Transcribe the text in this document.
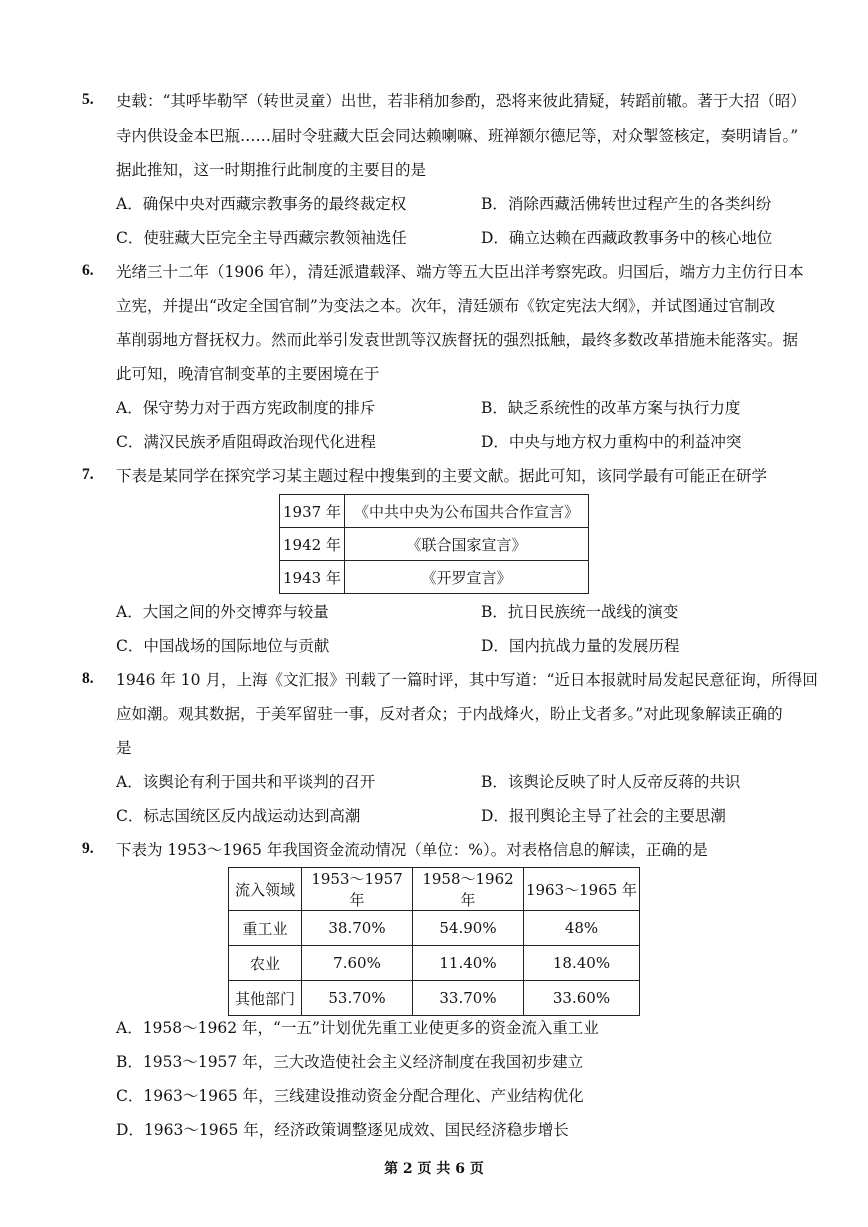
5. 史载：“其呼毕勒罕（转世灵童）出世，若非稍加参酌，恐将来彼此猜疑，转蹈前辙。著于大招（昭）
寺内供设金本巴瓶……届时令驻藏大臣会同达赖喇嘛、班禅额尔德尼等，对众掣签核定，奏明请旨。”
据此推知，这一时期推行此制度的主要目的是
A．确保中央对西藏宗教事务的最终裁定权	B．消除西藏活佛转世过程产生的各类纠纷
C．使驻藏大臣完全主导西藏宗教领袖选任	D．确立达赖在西藏政教事务中的核心地位
6. 光绪三十二年（1906 年），清廷派遣载泽、端方等五大臣出洋考察宪政。归国后，端方力主仿行日本
立宪，并提出“改定全国官制”为变法之本。次年，清廷颁布《钦定宪法大纲》，并试图通过官制改
革削弱地方督抚权力。然而此举引发袁世凯等汉族督抚的强烈抵触，最终多数改革措施未能落实。据
此可知，晚清官制变革的主要困境在于
A．保守势力对于西方宪政制度的排斥	B．缺乏系统性的改革方案与执行力度
C．满汉民族矛盾阻碍政治现代化进程	D．中央与地方权力重构中的利益冲突
7. 下表是某同学在探究学习某主题过程中搜集到的主要文献。据此可知，该同学最有可能正在研学
1937 年	《中共中央为公布国共合作宣言》
1942 年	《联合国家宣言》
1943 年	《开罗宣言》
A．大国之间的外交博弈与较量	B．抗日民族统一战线的演变
C．中国战场的国际地位与贡献	D．国内抗战力量的发展历程
8. 1946 年 10 月，上海《文汇报》刊载了一篇时评，其中写道：“近日本报就时局发起民意征询，所得回
应如潮。观其数据，于美军留驻一事，反对者众；于内战烽火，盼止戈者多。”对此现象解读正确的
是
A．该舆论有利于国共和平谈判的召开	B．该舆论反映了时人反帝反蒋的共识
C．标志国统区反内战运动达到高潮	D．报刊舆论主导了社会的主要思潮
9. 下表为 1953～1965 年我国资金流动情况（单位：%）。对表格信息的解读，正确的是
流入领域	1953～1957 年	1958～1962 年	1963～1965 年
重工业	38.70%	54.90%	48%
农业	7.60%	11.40%	18.40%
其他部门	53.70%	33.70%	33.60%
A．1958～1962 年，“一五”计划优先重工业使更多的资金流入重工业
B．1953～1957 年，三大改造使社会主义经济制度在我国初步建立
C．1963～1965 年，三线建设推动资金分配合理化、产业结构优化
D．1963～1965 年，经济政策调整逐见成效、国民经济稳步增长
第 2 页 共 6 页
